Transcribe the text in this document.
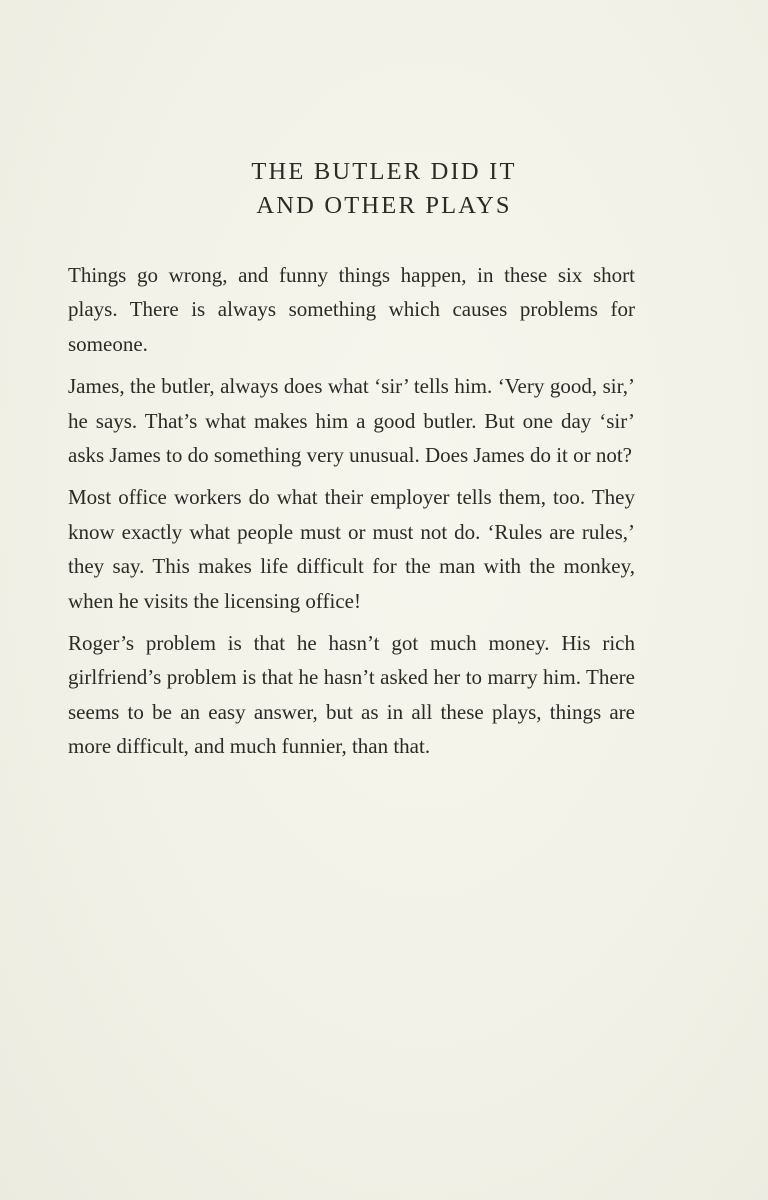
THE BUTLER DID IT
AND OTHER PLAYS

Things go wrong, and funny things happen, in these six short plays. There is always something which causes problems for someone.

James, the butler, always does what ‘sir’ tells him. ‘Very good, sir,’ he says. That’s what makes him a good butler. But one day ‘sir’ asks James to do something very unusual. Does James do it or not?

Most office workers do what their employer tells them, too. They know exactly what people must or must not do. ‘Rules are rules,’ they say. This makes life difficult for the man with the monkey, when he visits the licensing office!

Roger’s problem is that he hasn’t got much money. His rich girlfriend’s problem is that he hasn’t asked her to marry him. There seems to be an easy answer, but as in all these plays, things are more difficult, and much funnier, than that.
